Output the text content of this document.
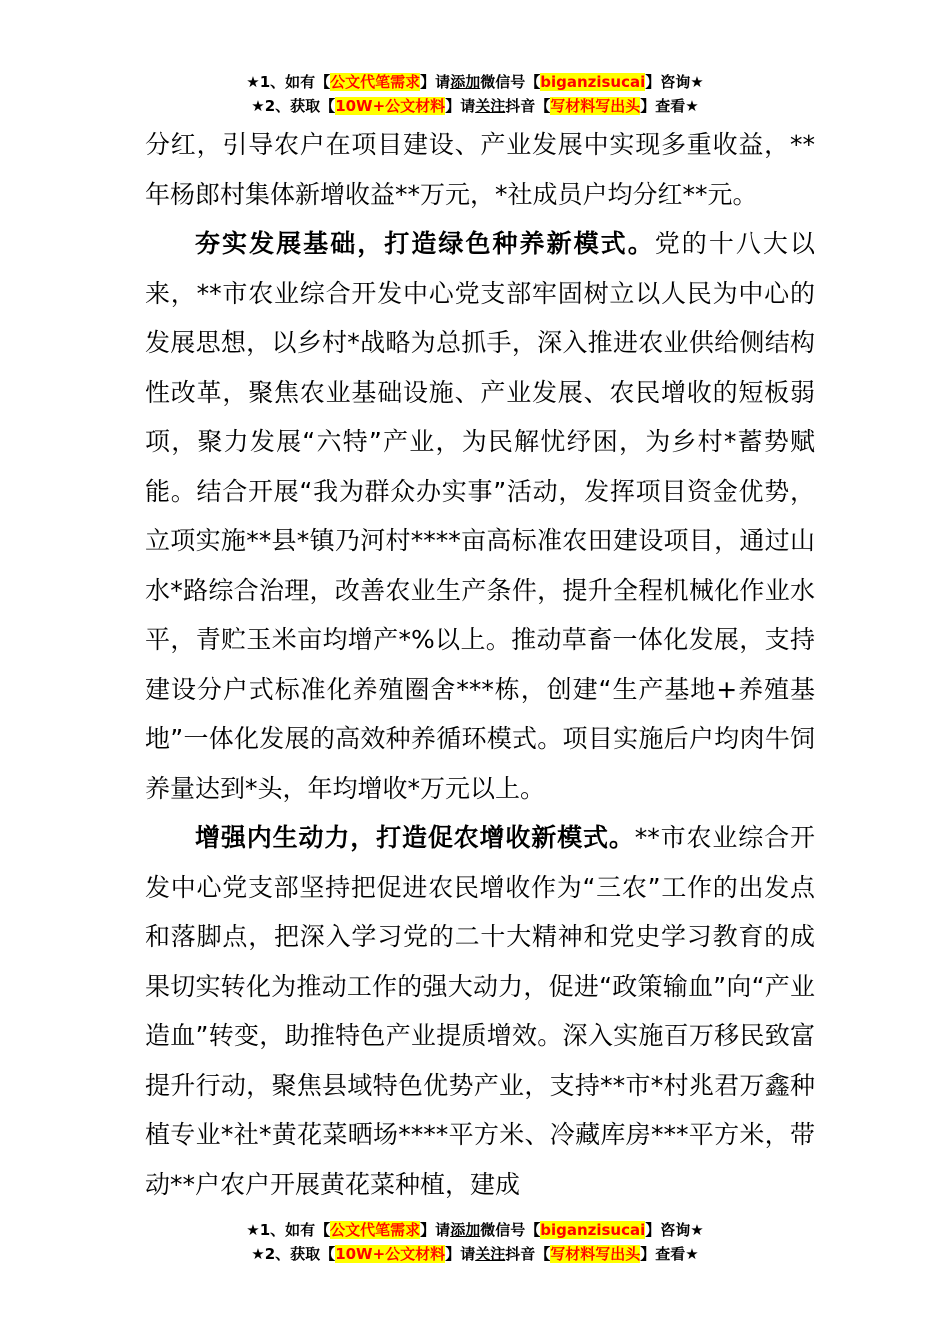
★1、如有【公文代笔需求】请添加微信号【biganzisucai】咨询★
★2、获取【10W+公文材料】请关注抖音【写材料写出头】查看★

分红，引导农户在项目建设、产业发展中实现多重收益，**年杨郎村集体新增收益**万元，*社成员户均分红**元。

夯实发展基础，打造绿色种养新模式。党的十八大以来，**市农业综合开发中心党支部牢固树立以人民为中心的发展思想，以乡村*战略为总抓手，深入推进农业供给侧结构性改革，聚焦农业基础设施、产业发展、农民增收的短板弱项，聚力发展“六特”产业，为民解忧纾困，为乡村*蓄势赋能。结合开展“我为群众办实事”活动，发挥项目资金优势，立项实施**县*镇乃河村****亩高标准农田建设项目，通过山水*路综合治理，改善农业生产条件，提升全程机械化作业水平，青贮玉米亩均增产*%以上。推动草畜一体化发展，支持建设分户式标准化养殖圈舍***栋，创建“生产基地+养殖基地”一体化发展的高效种养循环模式。项目实施后户均肉牛饲养量达到*头，年均增收*万元以上。

增强内生动力，打造促农增收新模式。**市农业综合开发中心党支部坚持把促进农民增收作为“三农”工作的出发点和落脚点，把深入学习党的二十大精神和党史学习教育的成果切实转化为推动工作的强大动力，促进“政策输血”向“产业造血”转变，助推特色产业提质增效。深入实施百万移民致富提升行动，聚焦县域特色优势产业，支持**市*村兆君万鑫种植专业*社*黄花菜晒场****平方米、冷藏库房***平方米，带动**户农户开展黄花菜种植，建成

★1、如有【公文代笔需求】请添加微信号【biganzisucai】咨询★
★2、获取【10W+公文材料】请关注抖音【写材料写出头】查看★
